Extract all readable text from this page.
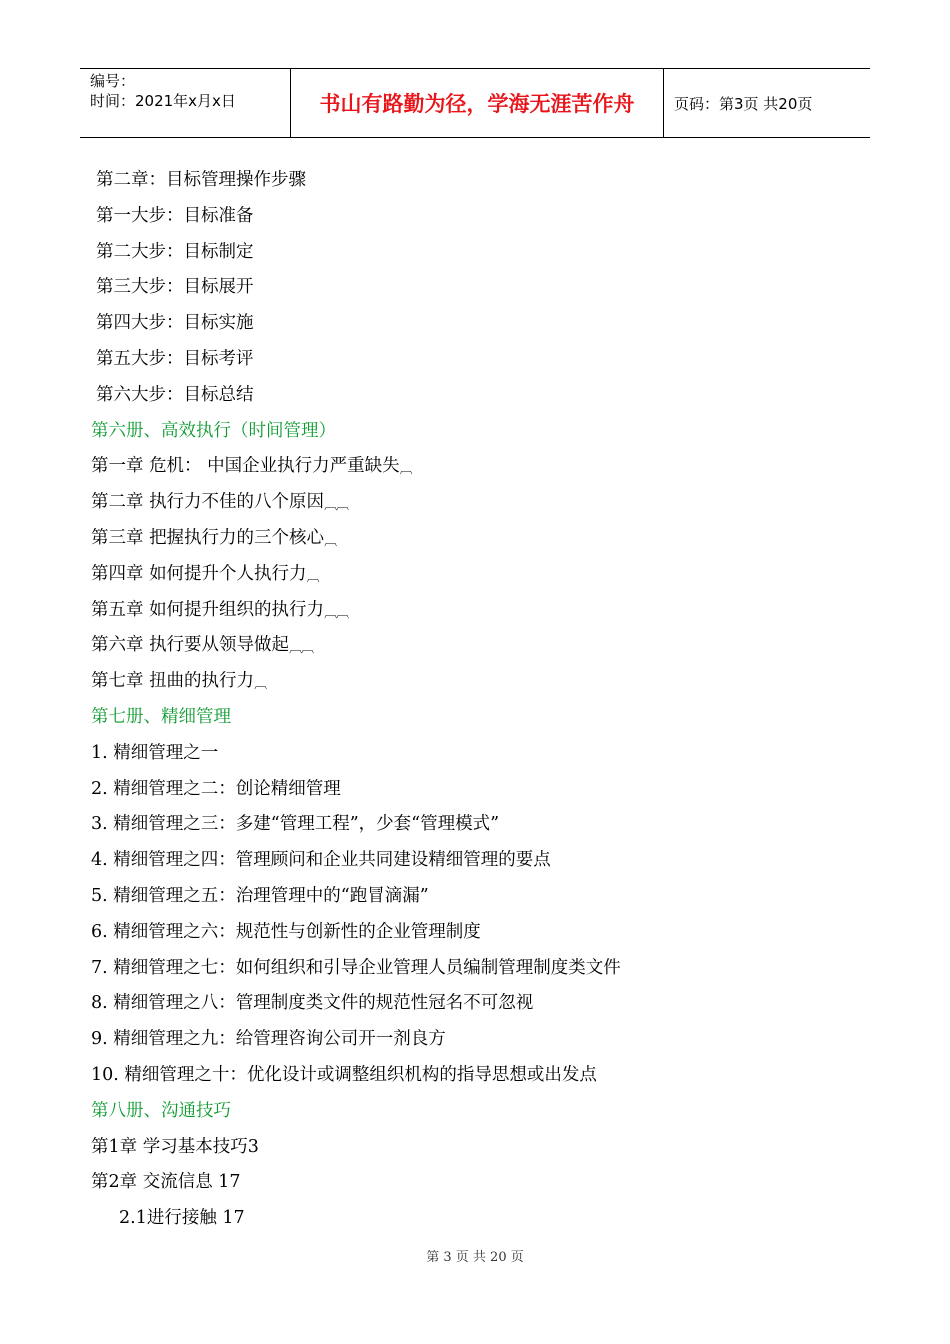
编号：
时间：2021年x月x日	书山有路勤为径，学海无涯苦作舟	页码：第3页 共20页
第二章：目标管理操作步骤
第一大步：目标准备
第二大步：目标制定
第三大步：目标展开
第四大步：目标实施
第五大步：目标考评
第六大步：目标总结
第六册、高效执行（时间管理）
第一章 危机： 中国企业执行力严重缺失︹
第二章 执行力不佳的八个原因︹︹
第三章 把握执行力的三个核心︹
第四章 如何提升个人执行力︹
第五章 如何提升组织的执行力︹︹
第六章 执行要从领导做起︹︹
第七章 扭曲的执行力︹
第七册、精细管理
1. 精细管理之一
2. 精细管理之二：创论精细管理
3. 精细管理之三：多建“管理工程”，少套“管理模式”
4. 精细管理之四：管理顾问和企业共同建设精细管理的要点
5. 精细管理之五：治理管理中的“跑冒滴漏”
6. 精细管理之六：规范性与创新性的企业管理制度
7. 精细管理之七：如何组织和引导企业管理人员编制管理制度类文件
8. 精细管理之八：管理制度类文件的规范性冠名不可忽视
9. 精细管理之九：给管理咨询公司开一剂良方
10. 精细管理之十：优化设计或调整组织机构的指导思想或出发点
第八册、沟通技巧
第1章 学习基本技巧3
第2章 交流信息 17
2.1进行接触 17
第 3 页 共 20 页
